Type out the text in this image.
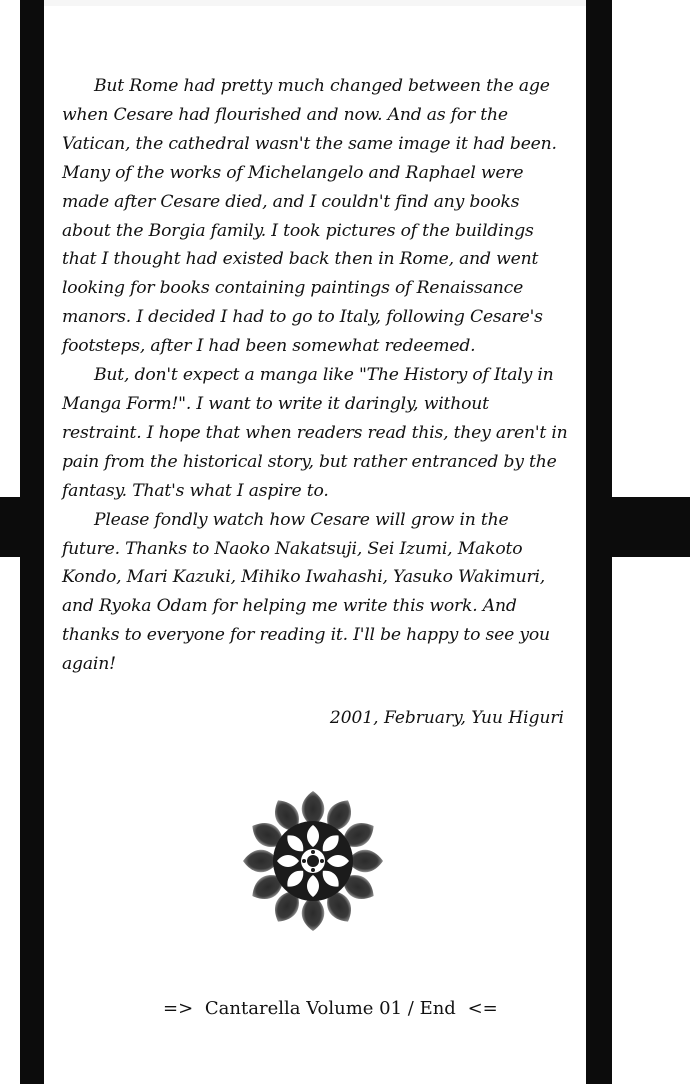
But Rome had pretty much changed between the age when Cesare had flourished and now. And as for the Vatican, the cathedral wasn't the same image it had been. Many of the works of Michelangelo and Raphael were made after Cesare died, and I couldn't find any books about the Borgia family. I took pictures of the buildings that I thought had existed back then in Rome, and went looking for books containing paintings of Renaissance manors. I decided I had to go to Italy, following Cesare's footsteps, after I had been somewhat redeemed.

But, don't expect a manga like "The History of Italy in Manga Form!". I want to write it daringly, without restraint. I hope that when readers read this, they aren't in pain from the historical story, but rather entranced by the fantasy. That's what I aspire to.

Please fondly watch how Cesare will grow in the future. Thanks to Naoko Nakatsuji, Sei Izumi, Makoto Kondo, Mari Kazuki, Mihiko Iwahashi, Yasuko Wakimuri, and Ryoka Odam for helping me write this work. And thanks to everyone for reading it. I'll be happy to see you again!

2001, February, Yuu Higuri
=> Cantarella Volume 01 / End <=
